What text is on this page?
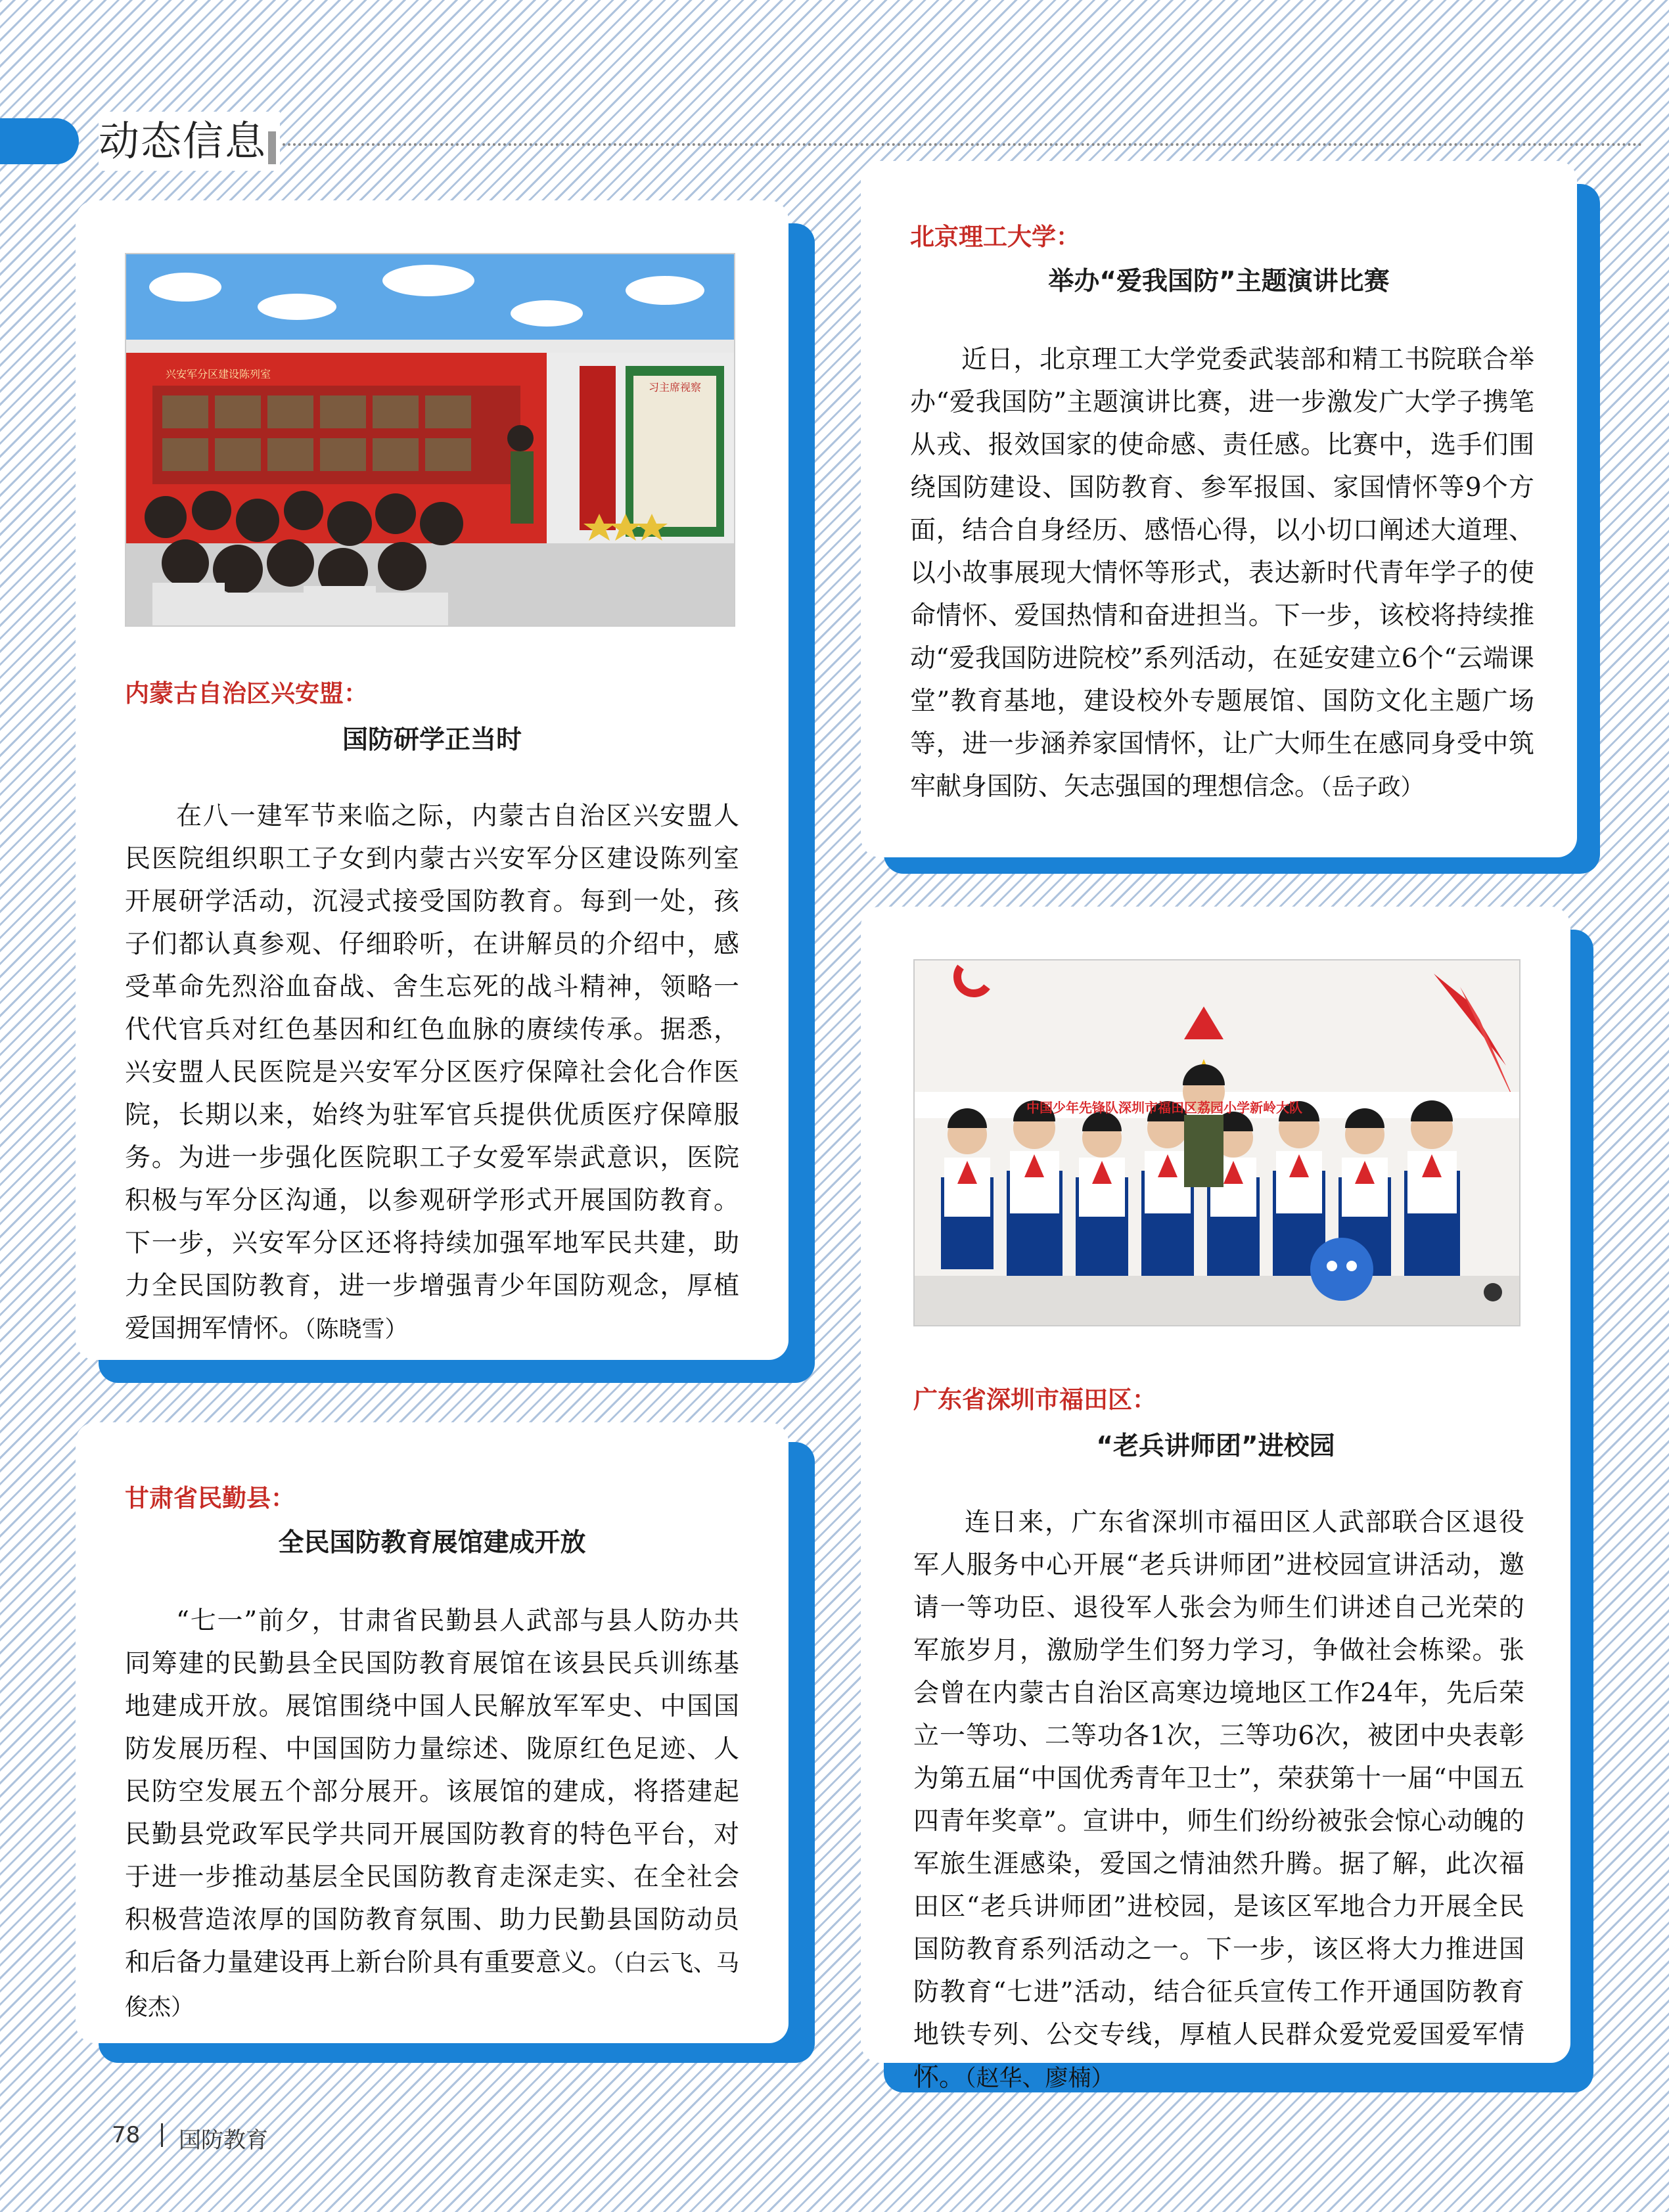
动态信息
习主席视察
兴安军分区建设陈列室
内蒙古自治区兴安盟：
国防研学正当时

在八一建军节来临之际，内蒙古自治区兴安盟人民医院组织职工子女到内蒙古兴安军分区建设陈列室开展研学活动，沉浸式接受国防教育。每到一处，孩子们都认真参观、仔细聆听，在讲解员的介绍中，感受革命先烈浴血奋战、舍生忘死的战斗精神，领略一代代官兵对红色基因和红色血脉的赓续传承。据悉，兴安盟人民医院是兴安军分区医疗保障社会化合作医院，长期以来，始终为驻军官兵提供优质医疗保障服务。为进一步强化医院职工子女爱军崇武意识，医院积极与军分区沟通，以参观研学形式开展国防教育。下一步，兴安军分区还将持续加强军地军民共建，助力全民国防教育，进一步增强青少年国防观念，厚植爱国拥军情怀。（陈晓雪）

北京理工大学：
举办“爱我国防”主题演讲比赛

近日，北京理工大学党委武装部和精工书院联合举办“爱我国防”主题演讲比赛，进一步激发广大学子携笔从戎、报效国家的使命感、责任感。比赛中，选手们围绕国防建设、国防教育、参军报国、家国情怀等9个方面，结合自身经历、感悟心得，以小切口阐述大道理、以小故事展现大情怀等形式，表达新时代青年学子的使命情怀、爱国热情和奋进担当。下一步，该校将持续推动“爱我国防进院校”系列活动，在延安建立6个“云端课堂”教育基地，建设校外专题展馆、国防文化主题广场等，进一步涵养家国情怀，让广大师生在感同身受中筑牢献身国防、矢志强国的理想信念。（岳子政）

中国少年先锋队深圳市福田区荔园小学新岭大队
广东省深圳市福田区：
“老兵讲师团”进校园

连日来，广东省深圳市福田区人武部联合区退役军人服务中心开展“老兵讲师团”进校园宣讲活动，邀请一等功臣、退役军人张会为师生们讲述自己光荣的军旅岁月，激励学生们努力学习，争做社会栋梁。张会曾在内蒙古自治区高寒边境地区工作24年，先后荣立一等功、二等功各1次，三等功6次，被团中央表彰为第五届“中国优秀青年卫士”，荣获第十一届“中国五四青年奖章”。宣讲中，师生们纷纷被张会惊心动魄的军旅生涯感染，爱国之情油然升腾。据了解，此次福田区“老兵讲师团”进校园，是该区军地合力开展全民国防教育系列活动之一。下一步，该区将大力推进国防教育“七进”活动，结合征兵宣传工作开通国防教育地铁专列、公交专线，厚植人民群众爱党爱国爱军情怀。（赵华、廖楠）

甘肃省民勤县：
全民国防教育展馆建成开放

“七一”前夕，甘肃省民勤县人武部与县人防办共同筹建的民勤县全民国防教育展馆在该县民兵训练基地建成开放。展馆围绕中国人民解放军军史、中国国防发展历程、中国国防力量综述、陇原红色足迹、人民防空发展五个部分展开。该展馆的建成，将搭建起民勤县党政军民学共同开展国防教育的特色平台，对于进一步推动基层全民国防教育走深走实、在全社会积极营造浓厚的国防教育氛围、助力民勤县国防动员和后备力量建设再上新台阶具有重要意义。（白云飞、马俊杰）

78 国防教育
